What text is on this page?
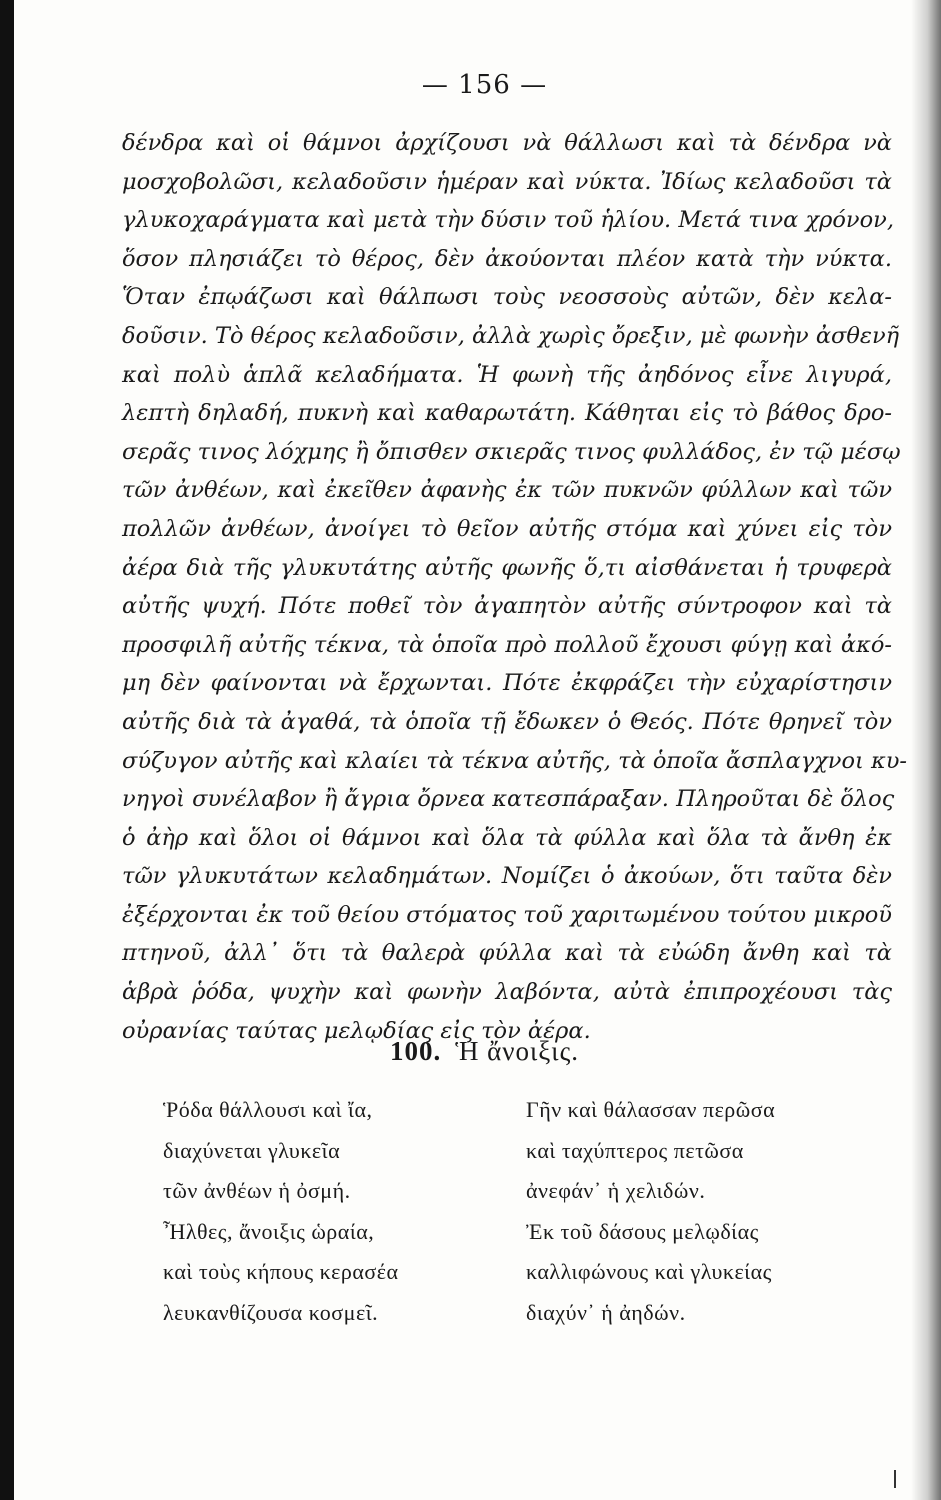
— 156 —
δένδρα καὶ οἱ θάμνοι ἀρχίζουσι νὰ θάλλωσι καὶ τὰ δένδρα νὰ
μοσχοβολῶσι, κελαδοῦσιν ἡμέραν καὶ νύκτα. Ἰδίως κελαδοῦσι τὰ
γλυκοχαράγματα καὶ μετὰ τὴν δύσιν τοῦ ἡλίου. Μετά τινα χρόνον,
ὅσον πλησιάζει τὸ θέρος, δὲν ἀκούονται πλέον κατὰ τὴν νύκτα.
Ὅταν ἐπῳάζωσι καὶ θάλπωσι τοὺς νεοσσοὺς αὐτῶν, δὲν κελα-
δοῦσιν. Τὸ θέρος κελαδοῦσιν, ἀλλὰ χωρὶς ὄρεξιν, μὲ φωνὴν ἀσθενῆ
καὶ πολὺ ἁπλᾶ κελαδήματα. Ἡ φωνὴ τῆς ἀηδόνος εἶνε λιγυρά,
λεπτὴ δηλαδή, πυκνὴ καὶ καθαρωτάτη. Κάθηται εἰς τὸ βάθος δρο-
σερᾶς τινος λόχμης ἢ ὄπισθεν σκιερᾶς τινος φυλλάδος, ἐν τῷ μέσῳ
τῶν ἀνθέων, καὶ ἐκεῖθεν ἀφανὴς ἐκ τῶν πυκνῶν φύλλων καὶ τῶν
πολλῶν ἀνθέων, ἀνοίγει τὸ θεῖον αὐτῆς στόμα καὶ χύνει εἰς τὸν
ἀέρα διὰ τῆς γλυκυτάτης αὐτῆς φωνῆς ὅ,τι αἰσθάνεται ἡ τρυφερὰ
αὐτῆς ψυχή. Πότε ποθεῖ τὸν ἀγαπητὸν αὐτῆς σύντροφον καὶ τὰ
προσφιλῆ αὐτῆς τέκνα, τὰ ὁποῖα πρὸ πολλοῦ ἔχουσι φύγῃ καὶ ἀκό-
μη δὲν φαίνονται νὰ ἔρχωνται. Πότε ἐκφράζει τὴν εὐχαρίστησιν
αὐτῆς διὰ τὰ ἀγαθά, τὰ ὁποῖα τῇ ἔδωκεν ὁ Θεός. Πότε θρηνεῖ τὸν
σύζυγον αὐτῆς καὶ κλαίει τὰ τέκνα αὐτῆς, τὰ ὁποῖα ἄσπλαγχνοι κυ-
νηγοὶ συνέλαβον ἢ ἄγρια ὄρνεα κατεσπάραξαν. Πληροῦται δὲ ὅλος
ὁ ἀὴρ καὶ ὅλοι οἱ θάμνοι καὶ ὅλα τὰ φύλλα καὶ ὅλα τὰ ἄνθη ἐκ
τῶν γλυκυτάτων κελαδημάτων. Νομίζει ὁ ἀκούων, ὅτι ταῦτα δὲν
ἐξέρχονται ἐκ τοῦ θείου στόματος τοῦ χαριτωμένου τούτου μικροῦ
πτηνοῦ, ἀλλ᾽ ὅτι τὰ θαλερὰ φύλλα καὶ τὰ εὐώδη ἄνθη καὶ τὰ
ἁβρὰ ῥόδα, ψυχὴν καὶ φωνὴν λαβόντα, αὐτὰ ἐπιπροχέουσι τὰς
οὐρανίας ταύτας μελῳδίας εἰς τὸν ἀέρα.
100. Ἡ ἄνοιξις.
Ῥόδα θάλλουσι καὶ ἴα,
διαχύνεται γλυκεῖα
τῶν ἀνθέων ἡ ὀσμή.
Ἦλθες, ἄνοιξις ὡραία,
καὶ τοὺς κήπους κερασέα
λευκανθίζουσα κοσμεῖ.
Γῆν καὶ θάλασσαν περῶσα
καὶ ταχύπτερος πετῶσα
ἀνεφάν᾽ ἡ χελιδών.
Ἐκ τοῦ δάσους μελῳδίας
καλλιφώνους καὶ γλυκείας
διαχύν᾽ ἡ ἀηδών.
